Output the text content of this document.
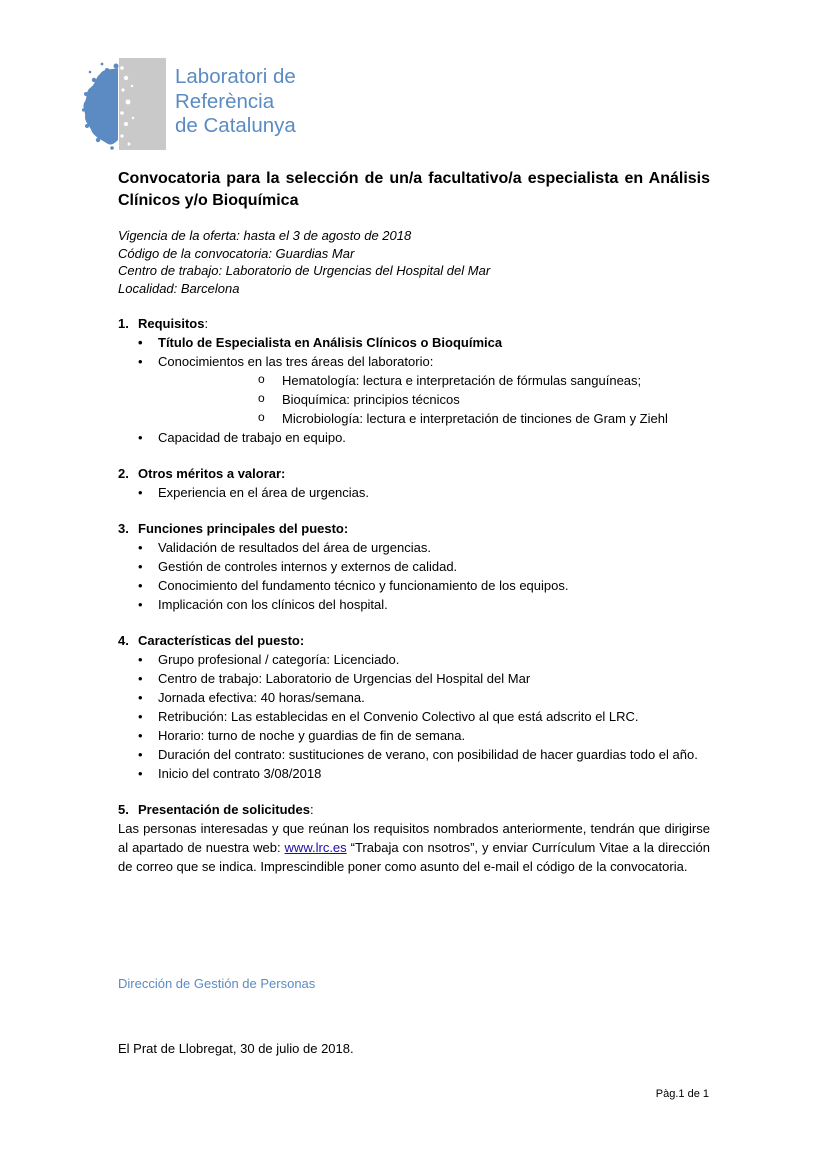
Laboratori de
Referència
de Catalunya
Convocatoria para la selección de un/a facultativo/a especialista en Análisis Clínicos y/o Bioquímica
Vigencia de la oferta: hasta el 3 de agosto de 2018
Código de la convocatoria: Guardias Mar
Centro de trabajo: Laboratorio de Urgencias del Hospital del Mar
Localidad: Barcelona
1. Requisitos:
• Título de Especialista en Análisis Clínicos o Bioquímica
• Conocimientos en las tres áreas del laboratorio:
o Hematología: lectura e interpretación de fórmulas sanguíneas;
o Bioquímica: principios técnicos
o Microbiología: lectura e interpretación de tinciones de Gram y Ziehl
• Capacidad de trabajo en equipo.
2. Otros méritos a valorar:
• Experiencia en el área de urgencias.
3. Funciones principales del puesto:
• Validación de resultados del área de urgencias.
• Gestión de controles internos y externos de calidad.
• Conocimiento del fundamento técnico y funcionamiento de los equipos.
• Implicación con los clínicos del hospital.
4. Características del puesto:
• Grupo profesional / categoría: Licenciado.
• Centro de trabajo: Laboratorio de Urgencias del Hospital del Mar
• Jornada efectiva: 40 horas/semana.
• Retribución: Las establecidas en el Convenio Colectivo al que está adscrito el LRC.
• Horario: turno de noche y guardias de fin de semana.
• Duración del contrato: sustituciones de verano, con posibilidad de hacer guardias todo el año.
• Inicio del contrato 3/08/2018
5. Presentación de solicitudes:

Las personas interesadas y que reúnan los requisitos nombrados anteriormente, tendrán que dirigirse al apartado de nuestra web: www.lrc.es “Trabaja con nsotros”, y enviar Currículum Vitae a la dirección de correo que se indica. Imprescindible poner como asunto del e-mail el código de la convocatoria.

Dirección de Gestión de Personas
El Prat de Llobregat, 30 de julio de 2018.
Pàg.1 de 1
